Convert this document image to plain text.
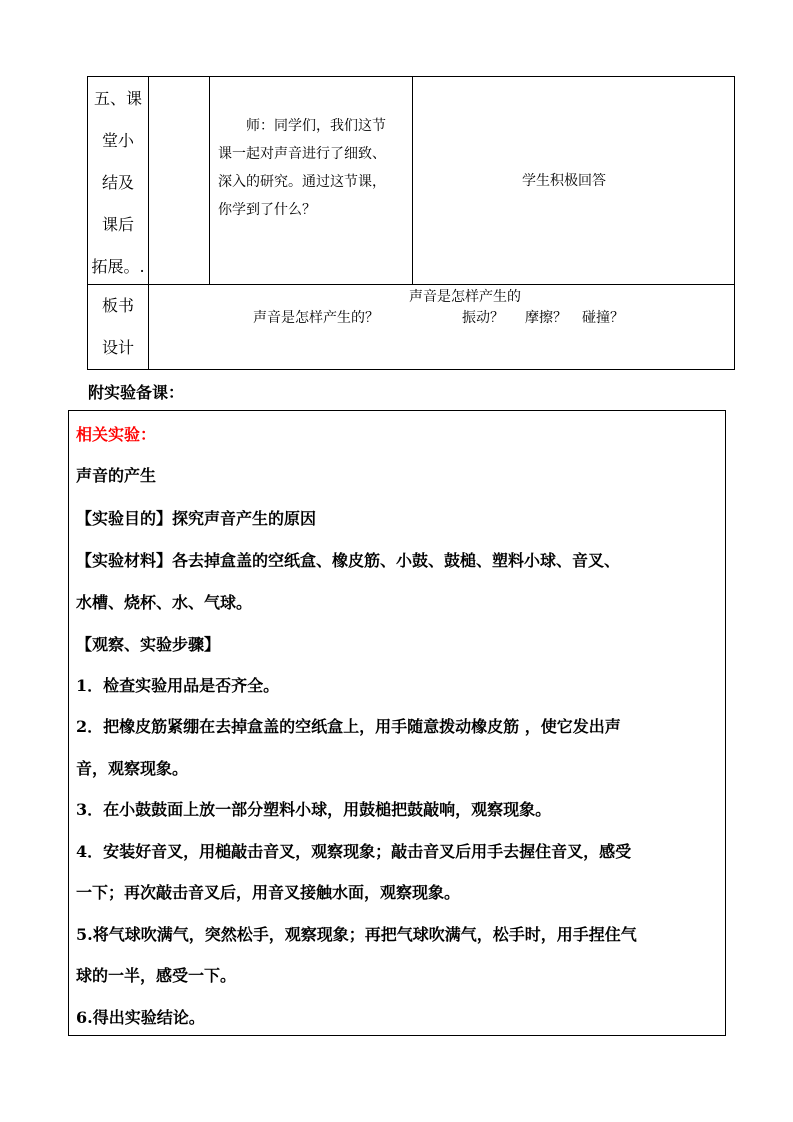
五、课
堂小
结及
课后
拓展。.
　　师：同学们，我们这节
课一起对声音进行了细致、
深入的研究。通过这节课，
你学到了什么？
学生积极回答
板书
设计
声音是怎样产生的
声音是怎样产生的？	振动？ 摩擦？ 碰撞？
附实验备课：
相关实验：
声音的产生
【实验目的】探究声音产生的原因
【实验材料】各去掉盒盖的空纸盒、橡皮筋、小鼓、鼓槌、塑料小球、音叉、
水槽、烧杯、水、气球。
【观察、实验步骤】
1．检查实验用品是否齐全。
2．把橡皮筋紧绷在去掉盒盖的空纸盒上，用手随意拨动橡皮筋 ，使它发出声
音，观察现象。
3．在小鼓鼓面上放一部分塑料小球，用鼓槌把鼓敲响，观察现象。
4．安装好音叉，用槌敲击音叉，观察现象；敲击音叉后用手去握住音叉，感受
一下；再次敲击音叉后，用音叉接触水面，观察现象。
5.将气球吹满气，突然松手，观察现象；再把气球吹满气，松手时，用手捏住气
球的一半，感受一下。
6.得出实验结论。
